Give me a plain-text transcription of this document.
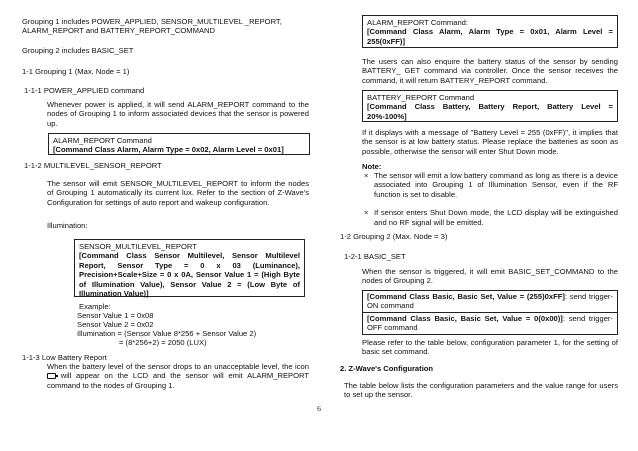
Grouping 1 includes POWER_APPLIED, SENSOR_MULTILEVEL _REPORT, ALARM_REPORT and BATTERY_REPORT_COMMAND

Grouping 2 includes BASIC_SET

1-1 Grouping 1 (Max. Node = 1)

1-1-1 POWER_APPLIED command

Whenever power is applied, it will send ALARM_REPORT command to the nodes of Grouping 1 to inform associated devices that the sensor is powered up.

ALARM_REPORT Command
[Command Class Alarm, Alarm Type = 0x02, Alarm Level = 0x01]

1-1-2 MULTILEVEL_SENSOR_REPORT

The sensor will emit SENSOR_MULTILEVEL_REPORT to inform the nodes of Grouping 1 automatically its current lux. Refer to the section of Z-Wave's Configuration for settings of auto report and wakeup configuration.

Illumination:

SENSOR_MULTILEVEL_REPORT
[Command Class Sensor Multilevel, Sensor Multilevel Report, Sensor Type = 0 x 03 (Luminance), Precision+Scale+Size = 0 x 0A, Sensor Value 1 = (High Byte of Illumination Value), Sensor Value 2 = (Low Byte of Illumination Value)]

Example:

Sensor Value 1 = 0x08

Sensor Value 2 = 0x02

Illumination = (Sensor Value 8*256 + Sensor Value 2)

= (8*256+2) = 2050 (LUX)

1-1-3 Low Battery Report

When the battery level of the sensor drops to an unacceptable level, the icon  will appear on the LCD and the sensor will emit ALARM_REPORT command to the nodes of Grouping 1.

ALARM_REPORT Command:
[Command Class Alarm, Alarm Type = 0x01, Alarm Level = 255(0xFF)]

The users can also enquire the battery status of the sensor by sending BATTERY_ GET command via controller. Once the sensor receives the command, it will return BATTERY_REPORT command.

BATTERY_REPORT Command
[Command Class Battery, Battery Report, Battery Level = 20%-100%]

If it displays with a message of "Battery Level = 255 (0xFF)", it implies that the sensor is at low battery status. Please replace the batteries as soon as possible, otherwise the sensor will enter Shut Down mode.

Note:

× The sensor will emit a low battery command as long as there is a device associated into Grouping 1 of Illumination Sensor, even if the RF function is set to disable.
× If sensor enters Shut Down mode, the LCD display will be extinguished and no RF signal will be emitted.

1-2 Grouping 2 (Max. Node = 3)

1-2-1 BASIC_SET

When the sensor is triggered, it will emit BASIC_SET_COMMAND to the nodes of Grouping 2.

[Command Class Basic, Basic Set, Value = (255)0xFF]: send trigger-ON command
[Command Class Basic, Basic Set, Value = 0(0x00)]: send trigger-OFF command

Please refer to the table below, configuration parameter 1, for the setting of basic set command.

2. Z-Wave's Configuration

The table below lists the configuration parameters and the value range for users to set up the sensor.

6
